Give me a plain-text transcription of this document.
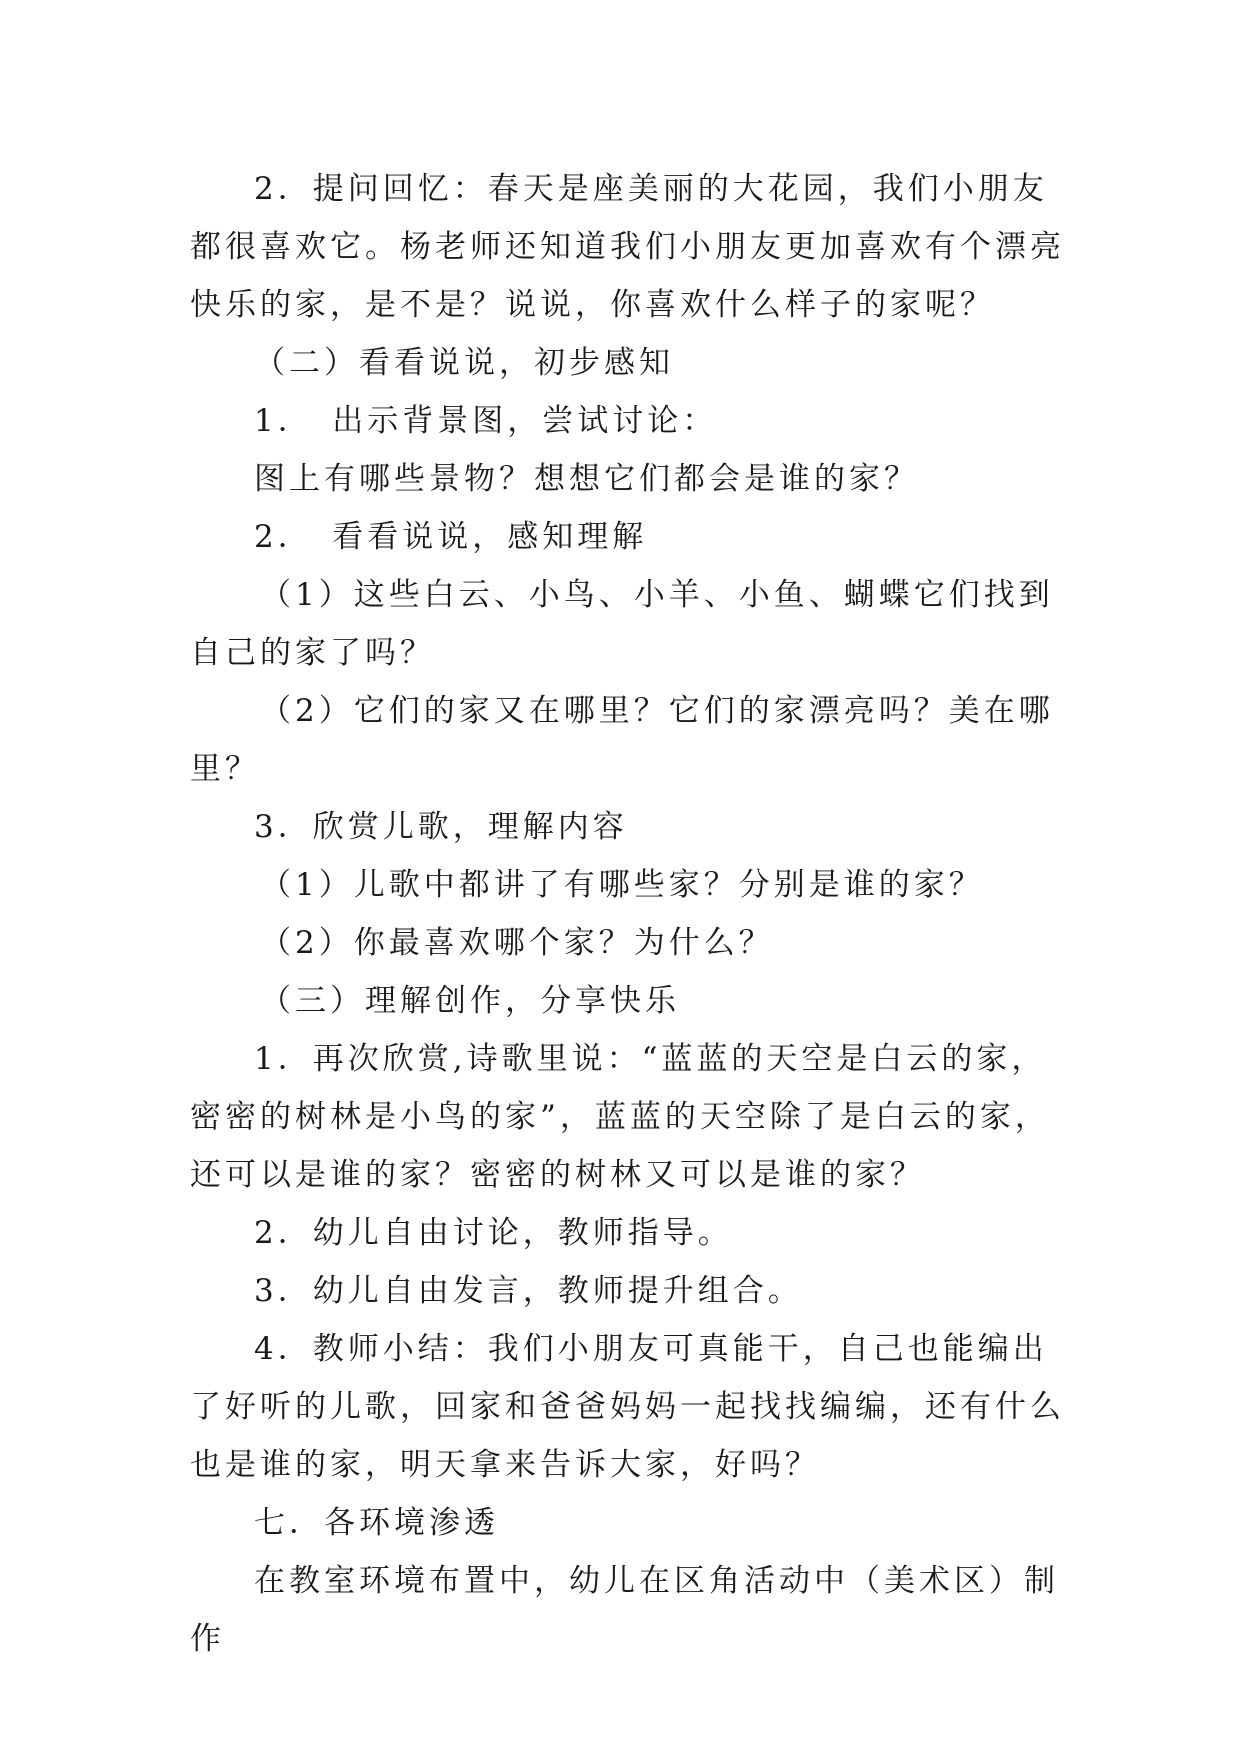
2．提问回忆：春天是座美丽的大花园，我们小朋友都很喜欢它。杨老师还知道我们小朋友更加喜欢有个漂亮快乐的家，是不是？说说，你喜欢什么样子的家呢？

（二）看看说说，初步感知

1．　出示背景图，尝试讨论：

图上有哪些景物？想想它们都会是谁的家？

2．　看看说说，感知理解

（1）这些白云、小鸟、小羊、小鱼、蝴蝶它们找到自己的家了吗？

（2）它们的家又在哪里？它们的家漂亮吗？美在哪里？

3．欣赏儿歌，理解内容

（1）儿歌中都讲了有哪些家？分别是谁的家？

（2）你最喜欢哪个家？为什么？

（三）理解创作，分享快乐

1．再次欣赏,诗歌里说：“蓝蓝的天空是白云的家，密密的树林是小鸟的家”，蓝蓝的天空除了是白云的家，还可以是谁的家？密密的树林又可以是谁的家？

2．幼儿自由讨论，教师指导。

3．幼儿自由发言，教师提升组合。

4．教师小结：我们小朋友可真能干，自己也能编出了好听的儿歌，回家和爸爸妈妈一起找找编编，还有什么也是谁的家，明天拿来告诉大家，好吗？

七．各环境渗透

在教室环境布置中，幼儿在区角活动中（美术区）制作
